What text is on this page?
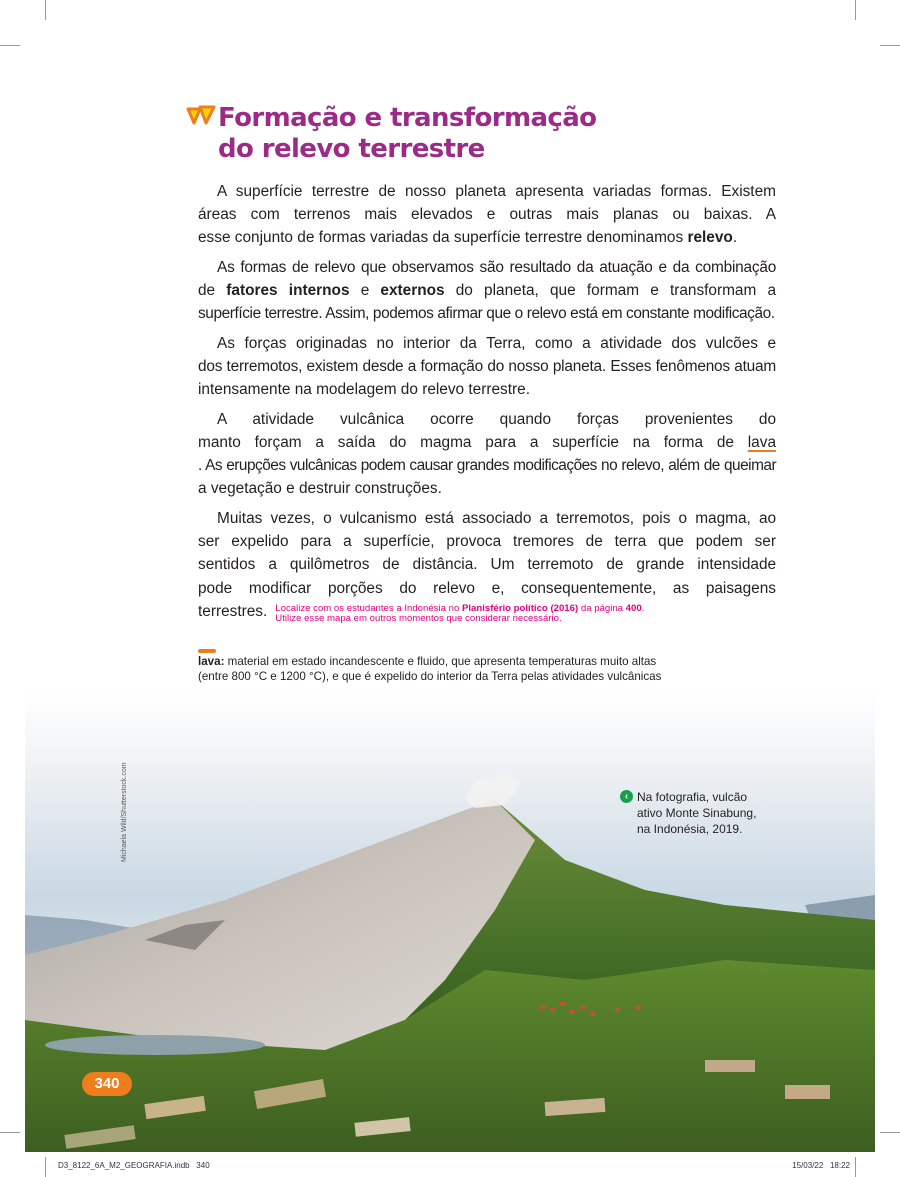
Formação e transformação
do relevo terrestre
A superfície terrestre de nosso planeta apresenta variadas formas. Existem
áreas com terrenos mais elevados e outras mais planas ou baixas. A
esse conjunto de formas variadas da superfície terrestre denominamos relevo.
As formas de relevo que observamos são resultado da atuação e da combinação
de fatores internos e externos do planeta, que formam e transformam a
superfície terrestre. Assim, podemos afirmar que o relevo está em constante modificação.
As forças originadas no interior da Terra, como a atividade dos vulcões e
dos terremotos, existem desde a formação do nosso planeta. Esses fenômenos atuam
intensamente na modelagem do relevo terrestre.
A atividade vulcânica ocorre quando forças provenientes do
manto forçam a saída do magma para a superfície na forma de lava
. As erupções vulcânicas podem causar grandes modificações no relevo, além de queimar
a vegetação e destruir construções.
Muitas vezes, o vulcanismo está associado a terremotos, pois o magma, ao
ser expelido para a superfície, provoca tremores de terra que podem ser
sentidos a quilômetros de distância. Um terremoto de grande intensidade
pode modificar porções do relevo e, consequentemente, as paisagens
terrestres. Localize com os estudantes a Indonésia no Planisfério político (2016) da página 400.
Utilize esse mapa em outros momentos que considerar necessário.
lava: material em estado incandescente e fluido, que apresenta temperaturas muito altas
(entre 800 °C e 1200 °C), e que é expelido do interior da Terra pelas atividades vulcânicas
Michaela Wild/Shutterstock.com	‹ Na fotografia, vulcão
ativo Monte Sinabung,
na Indonésia, 2019.
340
D3_8122_6A_M2_GEOGRAFIA.indb   340	15/03/22   18:22
